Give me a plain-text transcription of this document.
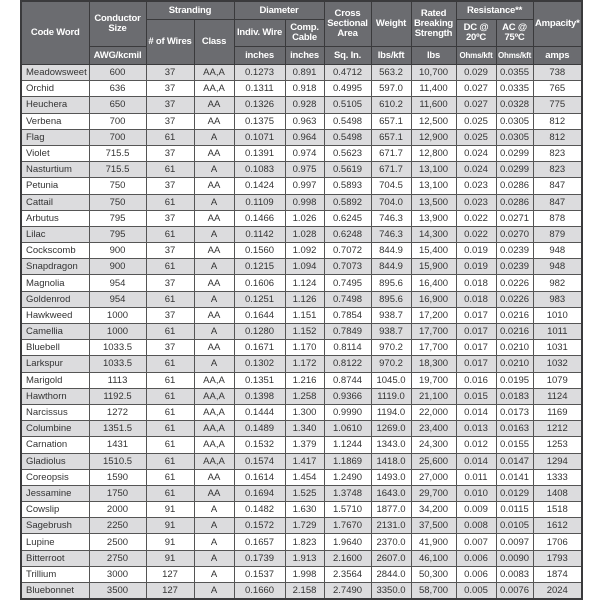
Code Word	Conductor Size	Stranding		Diameter		Cross Sectional Area	Weight	Rated Breaking Strength	Resistance**		Ampacity*
		# of Wires	Class	Indiv. Wire	Comp. Cable				DC @ 20ºC	AC @ 75ºC	
	AWG/kcmil			inches	inches	Sq. In.	lbs/kft	lbs	Ohms/kft	Ohms/kft	amps
Meadowsweet	600	37	AA,A	0.1273	0.891	0.4712	563.2	10,700	0.029	0.0355	738
Orchid	636	37	AA,A	0.1311	0.918	0.4995	597.0	11,400	0.027	0.0335	765
Heuchera	650	37	AA	0.1326	0.928	0.5105	610.2	11,600	0.027	0.0328	775
Verbena	700	37	AA	0.1375	0.963	0.5498	657.1	12,500	0.025	0.0305	812
Flag	700	61	A	0.1071	0.964	0.5498	657.1	12,900	0.025	0.0305	812
Violet	715.5	37	AA	0.1391	0.974	0.5623	671.7	12,800	0.024	0.0299	823
Nasturtium	715.5	61	A	0.1083	0.975	0.5619	671.7	13,100	0.024	0.0299	823
Petunia	750	37	AA	0.1424	0.997	0.5893	704.5	13,100	0.023	0.0286	847
Cattail	750	61	A	0.1109	0.998	0.5892	704.0	13,500	0.023	0.0286	847
Arbutus	795	37	AA	0.1466	1.026	0.6245	746.3	13,900	0.022	0.0271	878
Lilac	795	61	A	0.1142	1.028	0.6248	746.3	14,300	0.022	0.0270	879
Cockscomb	900	37	AA	0.1560	1.092	0.7072	844.9	15,400	0.019	0.0239	948
Snapdragon	900	61	A	0.1215	1.094	0.7073	844.9	15,900	0.019	0.0239	948
Magnolia	954	37	AA	0.1606	1.124	0.7495	895.6	16,400	0.018	0.0226	982
Goldenrod	954	61	A	0.1251	1.126	0.7498	895.6	16,900	0.018	0.0226	983
Hawkweed	1000	37	AA	0.1644	1.151	0.7854	938.7	17,200	0.017	0.0216	1010
Camellia	1000	61	A	0.1280	1.152	0.7849	938.7	17,700	0.017	0.0216	1011
Bluebell	1033.5	37	AA	0.1671	1.170	0.8114	970.2	17,700	0.017	0.0210	1031
Larkspur	1033.5	61	A	0.1302	1.172	0.8122	970.2	18,300	0.017	0.0210	1032
Marigold	1113	61	AA,A	0.1351	1.216	0.8744	1045.0	19,700	0.016	0.0195	1079
Hawthorn	1192.5	61	AA,A	0.1398	1.258	0.9366	1119.0	21,100	0.015	0.0183	1124
Narcissus	1272	61	AA,A	0.1444	1.300	0.9990	1194.0	22,000	0.014	0.0173	1169
Columbine	1351.5	61	AA,A	0.1489	1.340	1.0610	1269.0	23,400	0.013	0.0163	1212
Carnation	1431	61	AA,A	0.1532	1.379	1.1244	1343.0	24,300	0.012	0.0155	1253
Gladiolus	1510.5	61	AA,A	0.1574	1.417	1.1869	1418.0	25,600	0.014	0.0147	1294
Coreopsis	1590	61	AA	0.1614	1.454	1.2490	1493.0	27,000	0.011	0.0141	1333
Jessamine	1750	61	AA	0.1694	1.525	1.3748	1643.0	29,700	0.010	0.0129	1408
Cowslip	2000	91	A	0.1482	1.630	1.5710	1877.0	34,200	0.009	0.0115	1518
Sagebrush	2250	91	A	0.1572	1.729	1.7670	2131.0	37,500	0.008	0.0105	1612
Lupine	2500	91	A	0.1657	1.823	1.9640	2370.0	41,900	0.007	0.0097	1706
Bitterroot	2750	91	A	0.1739	1.913	2.1600	2607.0	46,100	0.006	0.0090	1793
Trillium	3000	127	A	0.1537	1.998	2.3564	2844.0	50,300	0.006	0.0083	1874
Bluebonnet	3500	127	A	0.1660	2.158	2.7490	3350.0	58,700	0.005	0.0076	2024
